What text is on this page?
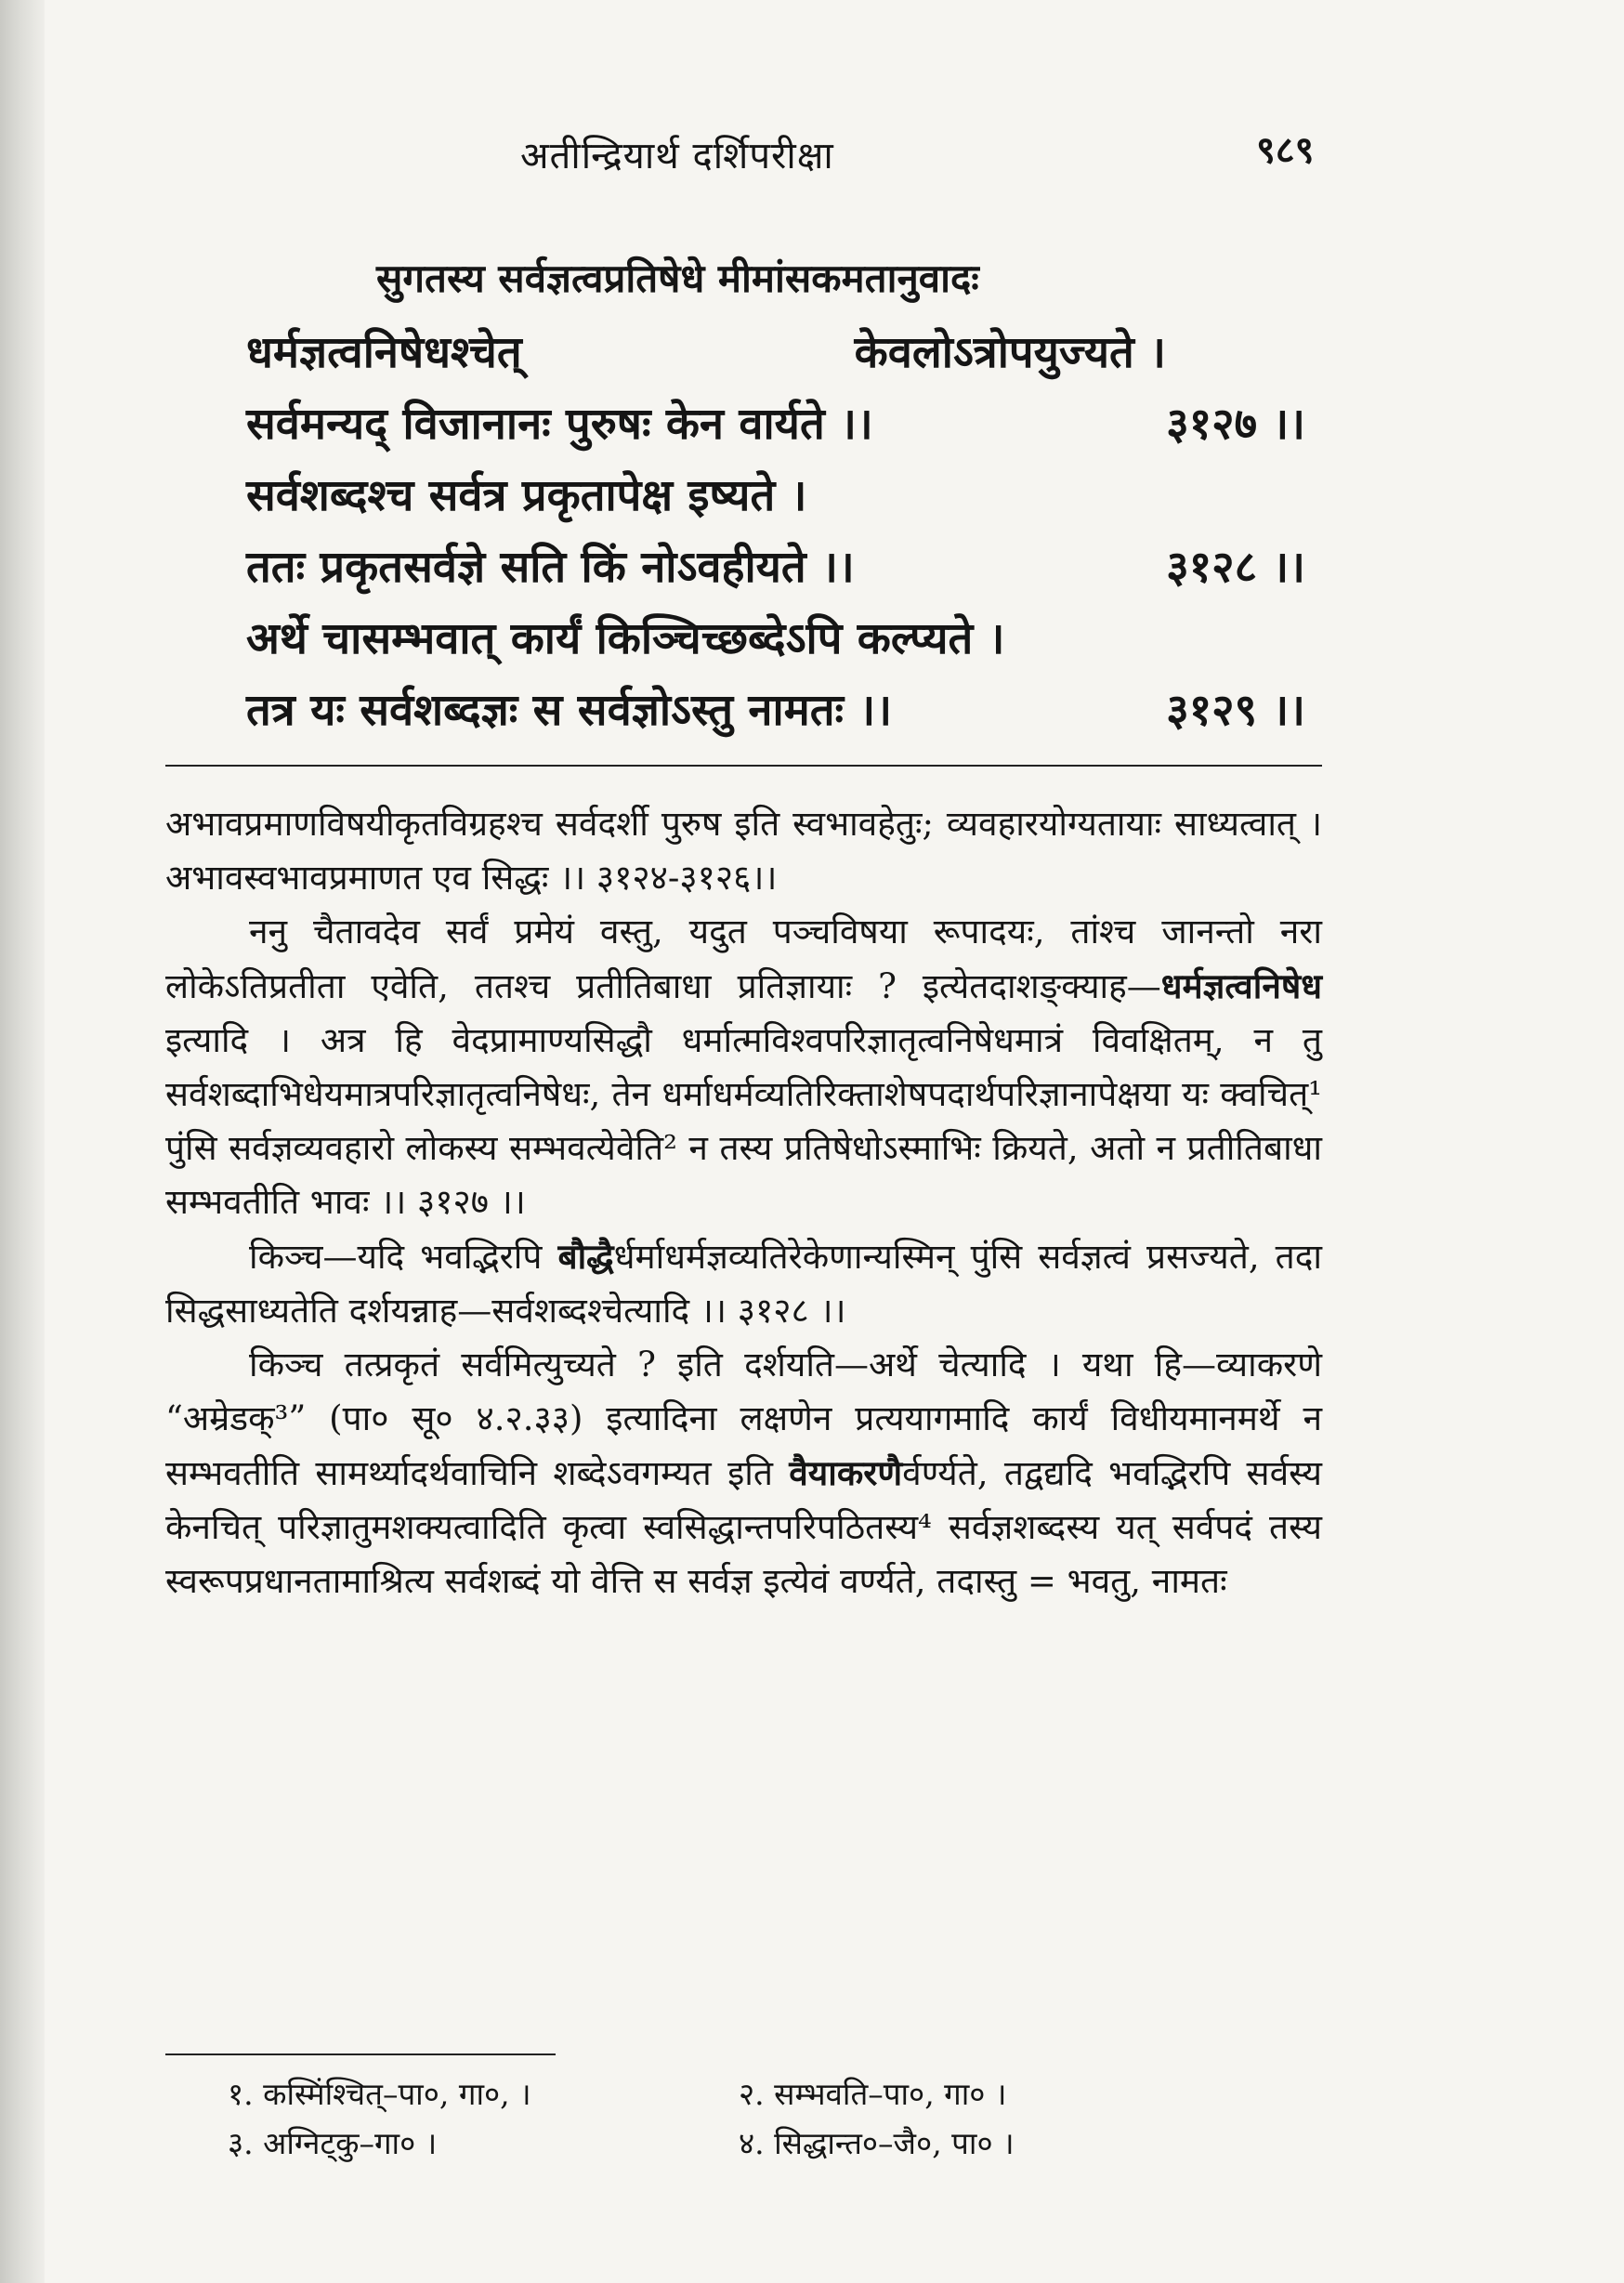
अतीन्द्रियार्थ दर्शिपरीक्षा	९८९
सुगतस्य सर्वज्ञत्वप्रतिषेधे मीमांसकमतानुवादः
धर्मज्ञत्वनिषेधश्चेत्	केवलोऽत्रोपयुज्यते ।
सर्वमन्यद् विजानानः पुरुषः केन वार्यते ।।	३१२७ ।।
सर्वशब्दश्च सर्वत्र प्रकृतापेक्ष इष्यते ।
ततः प्रकृतसर्वज्ञे सति किं नोऽवहीयते ।।	३१२८ ।।
अर्थे चासम्भवात् कार्यं किञ्चिच्छब्देऽपि कल्प्यते ।
तत्र यः सर्वशब्दज्ञः स सर्वज्ञोऽस्तु नामतः ।।	३१२९ ।।

अभावप्रमाणविषयीकृतविग्रहश्च सर्वदर्शी पुरुष इति स्वभावहेतुः; व्यवहारयोग्यतायाः साध्यत्वात् । अभावस्वभावप्रमाणत एव सिद्धः ।। ३१२४-३१२६।।

ननु चैतावदेव सर्वं प्रमेयं वस्तु, यदुत पञ्चविषया रूपादयः, तांश्च जानन्तो नरा लोकेऽतिप्रतीता एवेति, ततश्च प्रतीतिबाधा प्रतिज्ञायाः ? इत्येतदाशङ्क्याह—धर्मज्ञत्वनिषेध इत्यादि । अत्र हि वेदप्रामाण्यसिद्धौ धर्मात्मविश्वपरिज्ञातृत्वनिषेधमात्रं विवक्षितम्, न तु सर्वशब्दाभिधेयमात्रपरिज्ञातृत्वनिषेधः, तेन धर्माधर्मव्यतिरिक्ताशेषपदार्थपरिज्ञानापेक्षया यः क्वचित्¹ पुंसि सर्वज्ञव्यवहारो लोकस्य सम्भवत्येवेति² न तस्य प्रतिषेधोऽस्माभिः क्रियते, अतो न प्रतीतिबाधा सम्भवतीति भावः ।। ३१२७ ।।

किञ्च—यदि भवद्भिरपि बौद्धैर्धर्माधर्मज्ञव्यतिरेकेणान्यस्मिन् पुंसि सर्वज्ञत्वं प्रसज्यते, तदा सिद्धसाध्यतेति दर्शयन्नाह—सर्वशब्दश्चेत्यादि ।। ३१२८ ।।

किञ्च तत्प्रकृतं सर्वमित्युच्यते ? इति दर्शयति—अर्थे चेत्यादि । यथा हि—व्याकरणे “अम्रेडक्³” (पा० सू० ४.२.३३) इत्यादिना लक्षणेन प्रत्ययागमादि कार्यं विधीयमानमर्थे न सम्भवतीति सामर्थ्यादर्थवाचिनि शब्देऽवगम्यत इति वैयाकरणैर्वर्ण्यते, तद्वद्यदि भवद्भिरपि सर्वस्य केनचित् परिज्ञातुमशक्यत्वादिति कृत्वा स्वसिद्धान्तपरिपठितस्य⁴ सर्वज्ञशब्दस्य यत् सर्वपदं तस्य स्वरूपप्रधानतामाश्रित्य सर्वशब्दं यो वेत्ति स सर्वज्ञ इत्येवं वर्ण्यते, तदास्तु = भवतु, नामतः

१. कस्मिंश्चित्–पा०, गा०, ।	२. सम्भवति–पा०, गा० ।
३. अग्निट्कु–गा० ।	४. सिद्धान्त०–जै०, पा० ।
